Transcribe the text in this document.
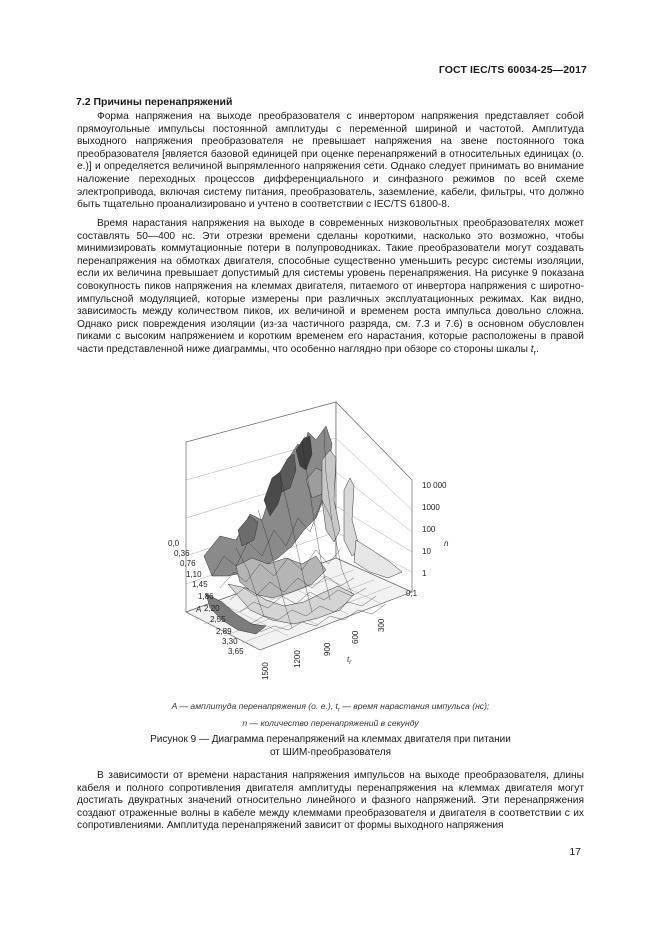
ГОСТ IEC/TS 60034-25—2017
7.2 Причины перенапряжений

Форма напряжения на выходе преобразователя с инвертором напряжения представляет собой прямоугольные импульсы постоянной амплитуды с переменной шириной и частотой. Амплитуда выходного напряжения преобразователя не превышает напряжения на звене постоянного тока преобразователя [является базовой единицей при оценке перенапряжений в относительных единицах (о. е.)] и определяется величиной выпрямленного напряжения сети. Однако следует принимать во внимание наложение переходных процессов дифференциального и синфазного режимов по всей схеме электропривода, включая систему питания, преобразователь, заземление, кабели, фильтры, что должно быть тщательно проанализировано и учтено в соответствии с IEC/TS 61800-8.

Время нарастания напряжения на выходе в современных низковольтных преобразователях может составлять 50—400 нс. Эти отрезки времени сделаны короткими, насколько это возможно, чтобы минимизировать коммутационные потери в полупроводниках. Такие преобразователи могут создавать перенапряжения на обмотках двигателя, способные существенно уменьшить ресурс системы изоляции, если их величина превышает допустимый для системы уровень перенапряжения. На рисунке 9 показана совокупность пиков напряжения на клеммах двигателя, питаемого от инвертора напряжения с широтно-импульсной модуляцией, которые измерены при различных эксплуатационных режимах. Как видно, зависимость между количеством пиков, их величиной и временем роста импульса довольно сложна. Однако риск повреждения изоляции (из-за частичного разряда, см. 7.3 и 7.6) в основном обусловлен пиками с высоким напряжением и коротким временем его нарастания, которые расположены в правой части представленной ниже диаграммы, что особенно наглядно при обзоре со стороны шкалы $t_r$.

0,0
0,36
0,76
1,10
1,45
1,86
2,20
2,55
2,89
3,30
3,65
A
1500
1200
900
600
300
$t_r$
10 000
1000
100
10
1
0,1
n
A — амплитуда перенапряжения (о. е.), $t_r$ — время нарастания импульса (нс);
n — количество перенапряжений в секунду
Рисунок 9 — Диаграмма перенапряжений на клеммах двигателя при питании
от ШИМ-преобразователя

В зависимости от времени нарастания напряжения импульсов на выходе преобразователя, длины кабеля и полного сопротивления двигателя амплитуды перенапряжения на клеммах двигателя могут достигать двукратных значений относительно линейного и фазного напряжений. Эти перенапряжения создают отраженные волны в кабеле между клеммами преобразователя и двигателя в соответствии с их сопротивлениями. Амплитуда перенапряжений зависит от формы выходного напряжения

17
